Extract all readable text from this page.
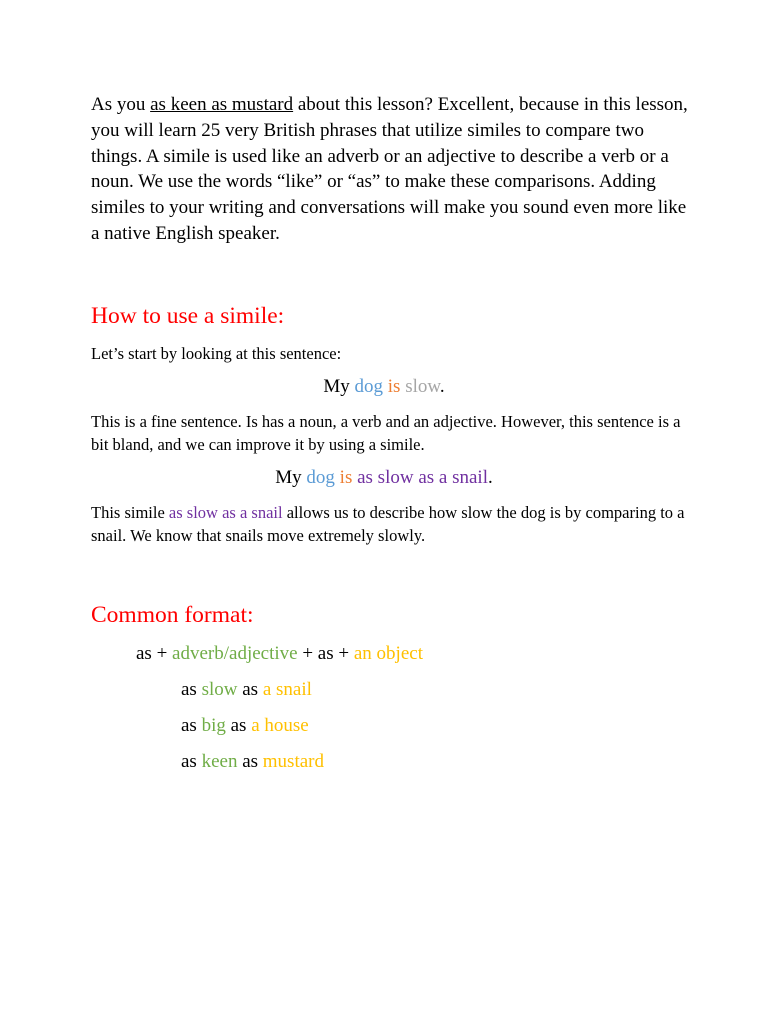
As you as keen as mustard about this lesson? Excellent, because in this lesson, you will learn 25 very British phrases that utilize similes to compare two things. A simile is used like an adverb or an adjective to describe a verb or a noun. We use the words “like” or “as” to make these comparisons. Adding similes to your writing and conversations will make you sound even more like a native English speaker.
How to use a simile:
Let’s start by looking at this sentence:
My dog is slow.
This is a fine sentence. Is has a noun, a verb and an adjective. However, this sentence is a bit bland, and we can improve it by using a simile.
My dog is as slow as a snail.
This simile as slow as a snail allows us to describe how slow the dog is by comparing to a snail. We know that snails move extremely slowly.
Common format:
as + adverb/adjective + as + an object
as slow as a snail
as big as a house
as keen as mustard
